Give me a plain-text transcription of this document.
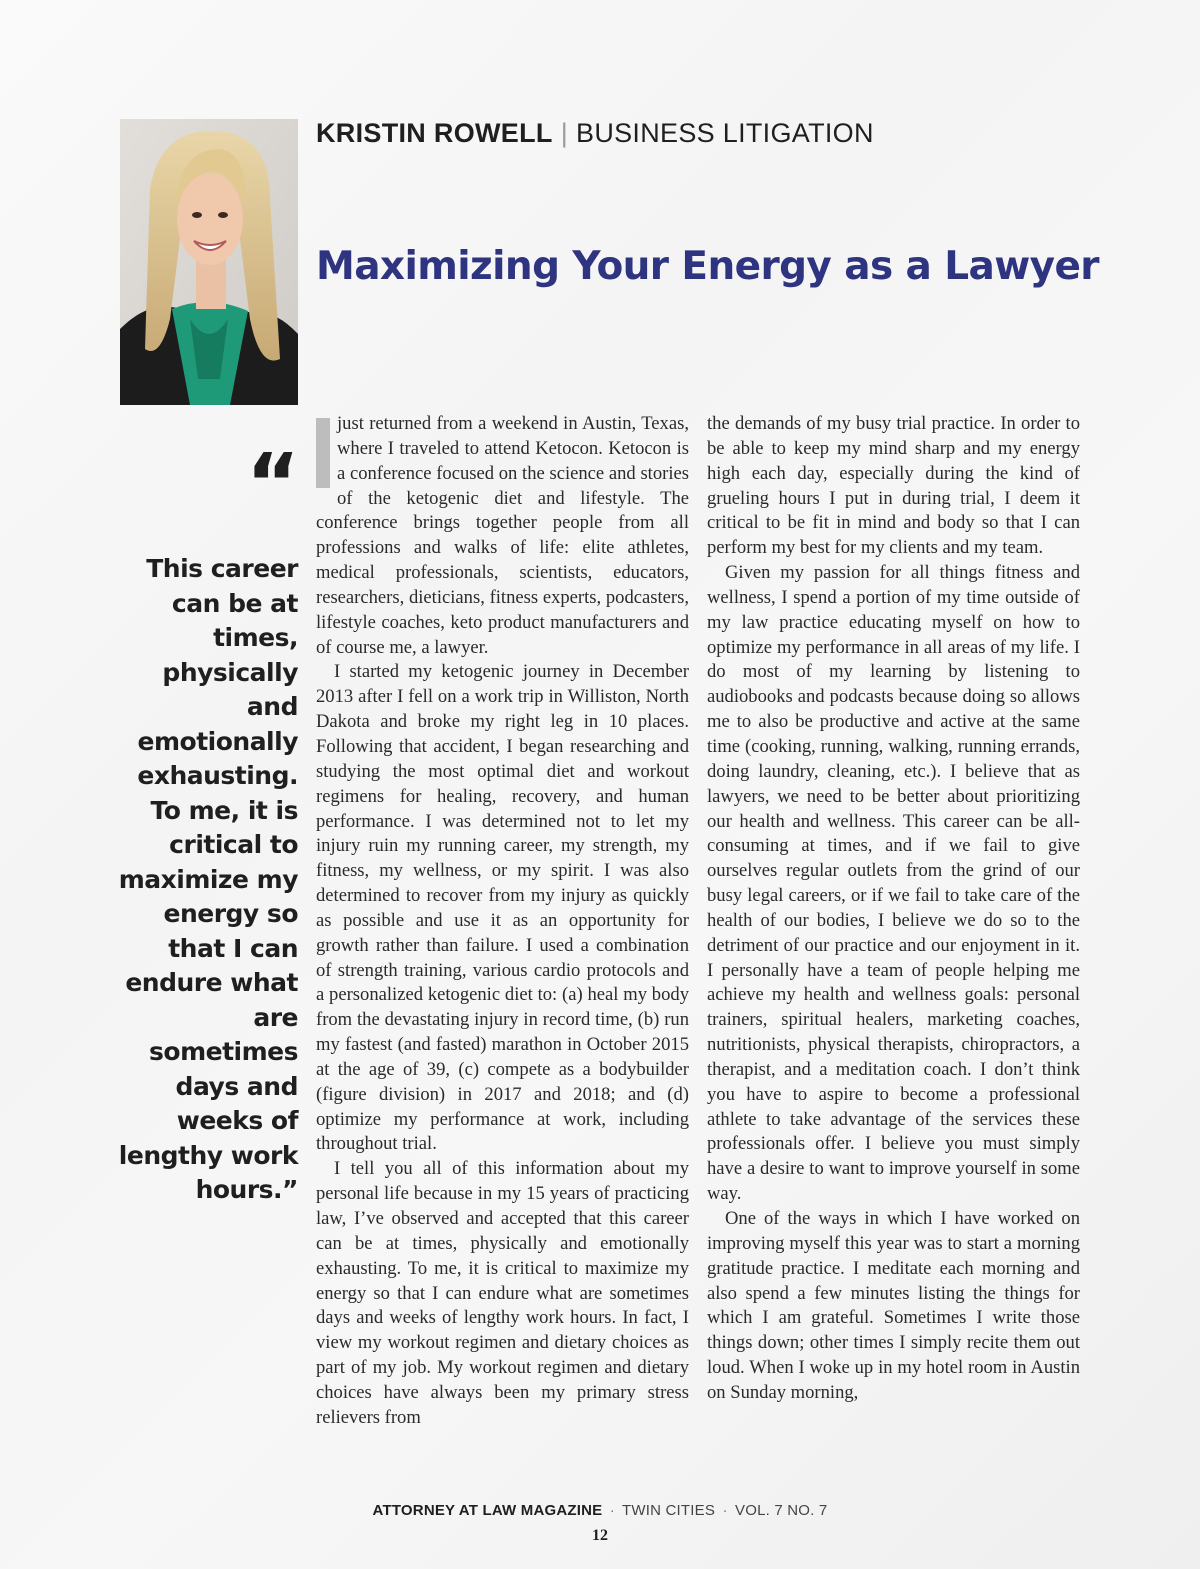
KRISTIN ROWELL | BUSINESS LITIGATION
Maximizing Your Energy as a Lawyer
“
This career can be at times, physically and emotionally exhausting. To me, it is critical to maximize my energy so that I can endure what are sometimes days and weeks of lengthy work hours.”

just returned from a weekend in Austin, Texas, where I traveled to attend Ketocon. Ketocon is a conference focused on the science and stories of the ketogenic diet and lifestyle. The conference brings together people from all professions and walks of life: elite athletes, medical professionals, scientists, educators, researchers, dieticians, fitness experts, podcasters, lifestyle coaches, keto product manufacturers and of course me, a lawyer.

I started my ketogenic journey in December 2013 after I fell on a work trip in Williston, North Dakota and broke my right leg in 10 places. Following that accident, I began researching and studying the most optimal diet and workout regimens for healing, recovery, and human performance. I was determined not to let my injury ruin my running career, my strength, my fitness, my wellness, or my spirit. I was also determined to recover from my injury as quickly as possible and use it as an opportunity for growth rather than failure. I used a combination of strength training, various cardio protocols and a personalized ketogenic diet to: (a) heal my body from the devastating injury in record time, (b) run my fastest (and fasted) marathon in October 2015 at the age of 39, (c) compete as a bodybuilder (figure division) in 2017 and 2018; and (d) optimize my performance at work, including throughout trial.

I tell you all of this information about my personal life because in my 15 years of practicing law, I’ve observed and accepted that this career can be at times, physically and emotionally exhausting. To me, it is critical to maximize my energy so that I can endure what are sometimes days and weeks of lengthy work hours. In fact, I view my workout regimen and dietary choices as part of my job. My workout regimen and dietary choices have always been my primary stress relievers from

the demands of my busy trial practice. In order to be able to keep my mind sharp and my energy high each day, especially during the kind of grueling hours I put in during trial, I deem it critical to be fit in mind and body so that I can perform my best for my clients and my team.

Given my passion for all things fitness and wellness, I spend a portion of my time outside of my law practice educating myself on how to optimize my performance in all areas of my life. I do most of my learning by listening to audiobooks and podcasts because doing so allows me to also be productive and active at the same time (cooking, running, walking, running errands, doing laundry, cleaning, etc.). I believe that as lawyers, we need to be better about prioritizing our health and wellness. This career can be all-consuming at times, and if we fail to give ourselves regular outlets from the grind of our busy legal careers, or if we fail to take care of the health of our bodies, I believe we do so to the detriment of our practice and our enjoyment in it. I personally have a team of people helping me achieve my health and wellness goals: personal trainers, spiritual healers, marketing coaches, nutritionists, physical therapists, chiropractors, a therapist, and a meditation coach. I don’t think you have to aspire to become a professional athlete to take advantage of the services these professionals offer. I believe you must simply have a desire to want to improve yourself in some way.

One of the ways in which I have worked on improving myself this year was to start a morning gratitude practice. I meditate each morning and also spend a few minutes listing the things for which I am grateful. Sometimes I write those things down; other times I simply recite them out loud. When I woke up in my hotel room in Austin on Sunday morning,

ATTORNEY AT LAW MAGAZINE · TWIN CITIES · VOL. 7 NO. 7
12
